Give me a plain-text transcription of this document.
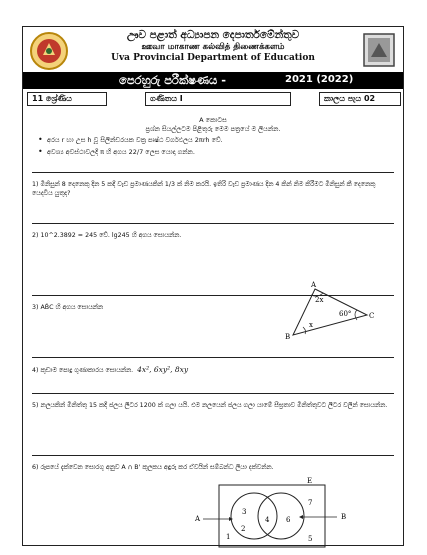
ඌව පළාත් අධ්‍යාපන දෙපාර්තමේන්තුව
ஊவா மாகாண கல்வித் திணைக்களம்
Uva Provincial Department of Education
පෙරහුරු පරීක්ෂණය -	2021 (2022)
11 ශ්‍රේණිය	ගණිතය I	කාලය පැය 02
A කොටස
ප්‍රශ්න සියල්ලටම පිළිතුරු මෙම පත්‍රයේ ම ලියන්න.
• අරය r හා උස h වූ සිලින්ඩරයක වක්‍ර පෘෂ්ඨ වර්ගඵලය 2πrh වේ.
• අවශ්‍ය අවස්ථාවලදී π හි අගය 22/7 ලෙස යොදා ගන්න.
1) මිනිසුන් 8 දෙනෙකු දින 5 කදී වැඩ ප්‍රමාණයකින් 1/3 ක් නිම කරයි. ඉතිරි වැඩ ප්‍රමාණය දින 4 කින් නිම කිරීමට මිනිසුන් කී දෙනෙකු යෙදවිය යුතුද?
2) 10^2.3892 = 245 වේ. lg245 හි අගය සොයන්න.
3) AB̂C හි අගය සොයන්න
A
B
C
2x
x
60°
4) කුඩාම පොදු ගුණාකාරය සොයන්න. 4x², 6xy², 8xy
5) නලයකින් මිනිත්තු 15 කදී ජලය ලීටර 1200 ක් ගලා යයි. එම නලයෙන් ජලය ගලා යාමේ සීඝ්‍රතාව මිනිත්තුවට ලීටර වලින් සොයන්න.
6) රූපයේ දැක්වෙන සොරගු අනුව A ∩ B' කුලකය අඳුරු කර ඒවයින් සම්බන්ධ ලියා දක්වන්න.
E
A	B
1
2
3
4
5
6
7
